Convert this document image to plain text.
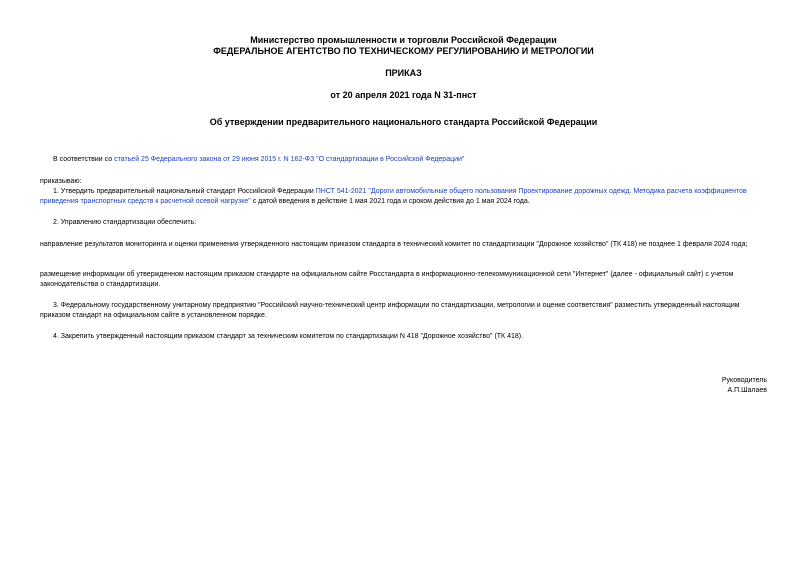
Министерство промышленности и торговли Российской Федерации
ФЕДЕРАЛЬНОЕ АГЕНТСТВО ПО ТЕХНИЧЕСКОМУ РЕГУЛИРОВАНИЮ И МЕТРОЛОГИИ
ПРИКАЗ
от 20 апреля 2021 года N 31-пнст
Об утверждении предварительного национального стандарта Российской Федерации
В соответствии со статьей 25 Федерального закона от 29 июня 2015 г. N 162-ФЗ "О стандартизации в Российской Федерации"
приказываю:
1. Утвердить предварительный национальный стандарт Российской Федерации ПНСТ 541-2021 "Дороги автомобильные общего пользования Проектирование дорожных одежд. Методика расчета коэффициентов приведения транспортных средств к расчетной осевой нагрузке" с датой введения в действие 1 мая 2021 года и сроком действия до 1 мая 2024 года.
2. Управлению стандартизации обеспечить:
направление результатов мониторинга и оценки применения утвержденного настоящим приказом стандарта в технический комитет по стандартизации "Дорожное хозяйство" (ТК 418) не позднее 1 февраля 2024 года;
размещение информации об утвержденном настоящим приказом стандарте на официальном сайте Росстандарта в информационно-телекоммуникационной сети "Интернет" (далее - официальный сайт) с учетом законодательства о стандартизации.
3. Федеральному государственному унитарному предприятию "Российский научно-технический центр информации по стандартизации, метрологии и оценке соответствия" разместить утвержденный настоящим приказом стандарт на официальном сайте в установленном порядке.
4. Закрепить утвержденный настоящим приказом стандарт за техническим комитетом по стандартизации N 418 "Дорожное хозяйство" (ТК 418).
Руководитель
А.П.Шалаев
